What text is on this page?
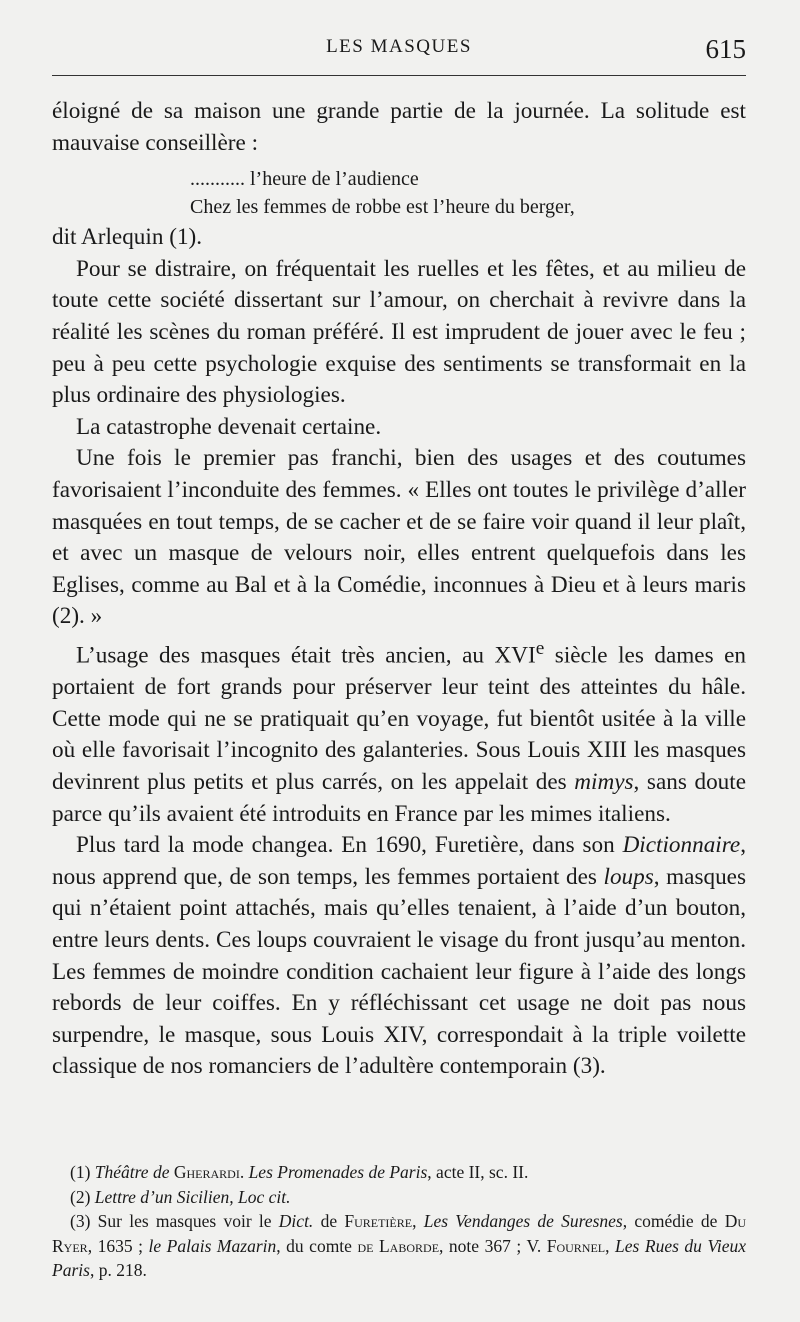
LES MASQUES	615

éloigné de sa maison une grande partie de la journée. La solitude est mauvaise conseillère :

........... l’heure de l’audience

Chez les femmes de robbe est l’heure du berger,

dit Arlequin (1).

Pour se distraire, on fréquentait les ruelles et les fêtes, et au milieu de toute cette société dissertant sur l’amour, on cherchait à revivre dans la réalité les scènes du roman préféré. Il est imprudent de jouer avec le feu ; peu à peu cette psychologie exquise des sentiments se transformait en la plus ordinaire des physiologies.

La catastrophe devenait certaine.

Une fois le premier pas franchi, bien des usages et des coutumes favorisaient l’inconduite des femmes. « Elles ont toutes le privilège d’aller masquées en tout temps, de se cacher et de se faire voir quand il leur plaît, et avec un masque de velours noir, elles entrent quelquefois dans les Eglises, comme au Bal et à la Comédie, inconnues à Dieu et à leurs maris (2). »

L’usage des masques était très ancien, au XVIe siècle les dames en portaient de fort grands pour préserver leur teint des atteintes du hâle. Cette mode qui ne se pratiquait qu’en voyage, fut bientôt usitée à la ville où elle favorisait l’incognito des galanteries. Sous Louis XIII les masques devinrent plus petits et plus carrés, on les appelait des mimys, sans doute parce qu’ils avaient été introduits en France par les mimes italiens.

Plus tard la mode changea. En 1690, Furetière, dans son Dictionnaire, nous apprend que, de son temps, les femmes portaient des loups, masques qui n’étaient point attachés, mais qu’elles tenaient, à l’aide d’un bouton, entre leurs dents. Ces loups couvraient le visage du front jusqu’au menton. Les femmes de moindre condition cachaient leur figure à l’aide des longs rebords de leur coiffes. En y réfléchissant cet usage ne doit pas nous surpendre, le masque, sous Louis XIV, correspondait à la triple voilette classique de nos romanciers de l’adultère contemporain (3).

(1) Théâtre de Gherardi. Les Promenades de Paris, acte II, sc. II.

(2) Lettre d’un Sicilien, Loc cit.

(3) Sur les masques voir le Dict. de Furetière, Les Vendanges de Suresnes, comédie de Du Ryer, 1635 ; le Palais Mazarin, du comte de Laborde, note 367 ; V. Fournel, Les Rues du Vieux Paris, p. 218.
